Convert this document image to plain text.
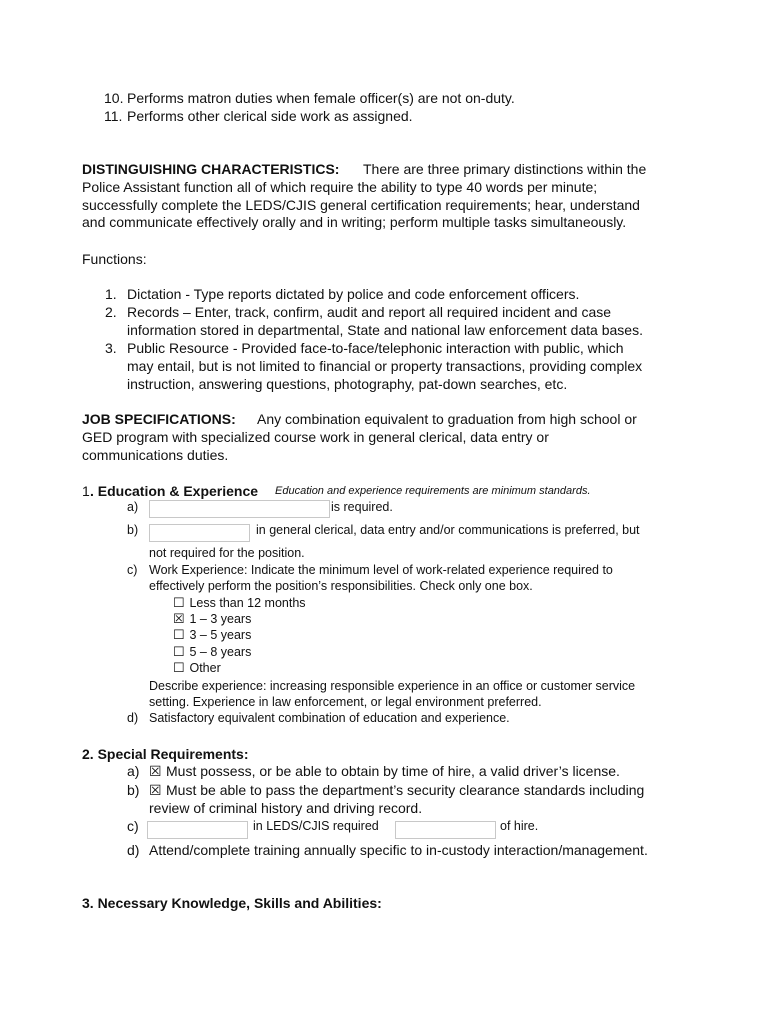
10. Performs matron duties when female officer(s) are not on-duty.
11. Performs other clerical side work as assigned.
DISTINGUISHING CHARACTERISTICS: There are three primary distinctions within the
Police Assistant function all of which require the ability to type 40 words per minute;
successfully complete the LEDS/CJIS general certification requirements; hear, understand
and communicate effectively orally and in writing; perform multiple tasks simultaneously.
Functions:
1. Dictation - Type reports dictated by police and code enforcement officers.
2. Records – Enter, track, confirm, audit and report all required incident and case
information stored in departmental, State and national law enforcement data bases.
3. Public Resource - Provided face-to-face/telephonic interaction with public, which
may entail, but is not limited to financial or property transactions, providing complex
instruction, answering questions, photography, pat-down searches, etc.
JOB SPECIFICATIONS: Any combination equivalent to graduation from high school or
GED program with specialized course work in general clerical, data entry or
communications duties.
1 . Education & Experience Education and experience requirements are minimum standards.
a)	is required.
b)	in general clerical, data entry and/or communications is preferred, but
not required for the position.
c) Work Experience: Indicate the minimum level of work-related experience required to
effectively perform the position’s responsibilities. Check only one box.
☐ Less than 12 months
☒ 1 – 3 years
☐ 3 – 5 years
☐ 5 – 8 years
☐ Other
Describe experience: increasing responsible experience in an office or customer service
setting. Experience in law enforcement, or legal environment preferred.
d) Satisfactory equivalent combination of education and experience.
2. Special Requirements:
a) ☒ Must possess, or be able to obtain by time of hire, a valid driver’s license.
b) ☒ Must be able to pass the department’s security clearance standards including
review of criminal history and driving record.
c)	in LEDS/CJIS required	of hire.
d) Attend/complete training annually specific to in-custody interaction/management.
3. Necessary Knowledge, Skills and Abilities:
